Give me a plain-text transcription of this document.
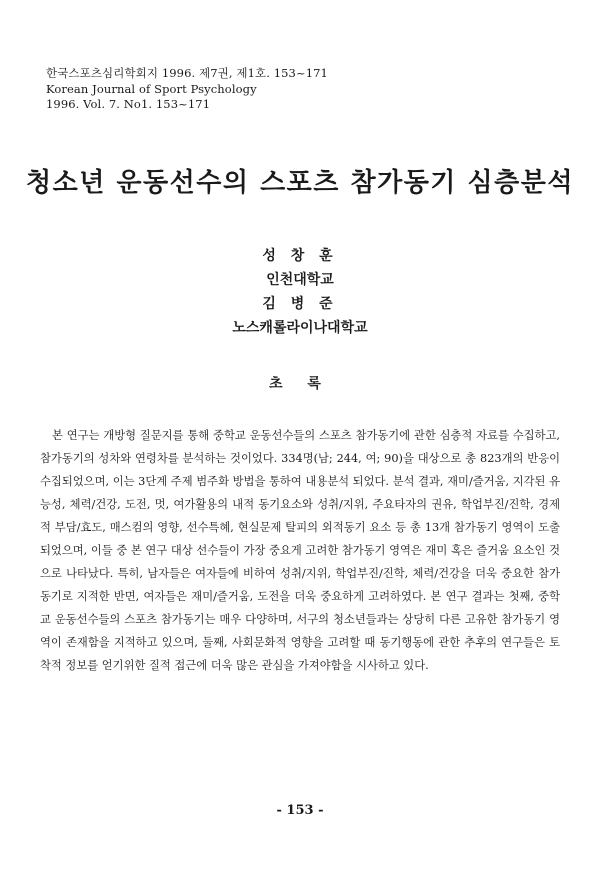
한국스포츠심리학회지 1996. 제7권, 제1호. 153~171
Korean Journal of Sport Psychology
1996. Vol. 7. No1. 153~171
청소년 운동선수의 스포츠 참가동기 심층분석
성 창 훈
인천대학교
김 병 준
노스캐롤라이나대학교
초 록

본 연구는 개방형 질문지를 통해 중학교 운동선수들의 스포츠 참가동기에 관한 심층적 자료를 수집하고, 참가동기의 성차와 연령차를 분석하는 것이었다. 334명(남; 244, 여; 90)을 대상으로 총 823개의 반응이 수집되었으며, 이는 3단계 주제 범주화 방법을 통하여 내용분석 되었다. 분석 결과, 재미/즐거움, 지각된 유능성, 체력/건강, 도전, 멋, 여가활용의 내적 동기요소와 성취/지위, 주요타자의 권유, 학업부진/진학, 경제적 부담/효도, 매스컴의 영향, 선수특혜, 현실문제 탈피의 외적동기 요소 등 총 13개 참가동기 영역이 도출되었으며, 이들 중 본 연구 대상 선수들이 가장 중요게 고려한 참가동기 영역은 재미 혹은 즐거움 요소인 것으로 나타났다. 특히, 남자들은 여자들에 비하여 성취/지위, 학업부진/진학, 체력/건강을 더욱 중요한 참가동기로 지적한 반면, 여자들은 재미/즐거움, 도전을 더욱 중요하게 고려하였다. 본 연구 결과는 첫째, 중학교 운동선수들의 스포츠 참가동기는 매우 다양하며, 서구의 청소년들과는 상당히 다른 고유한 참가동기 영역이 존재함을 지적하고 있으며, 둘째, 사회문화적 영향을 고려할 때 동기행동에 관한 추후의 연구들은 토착적 정보를 얻기위한 질적 접근에 더욱 많은 관심을 가져야함을 시사하고 있다.

- 153 -
